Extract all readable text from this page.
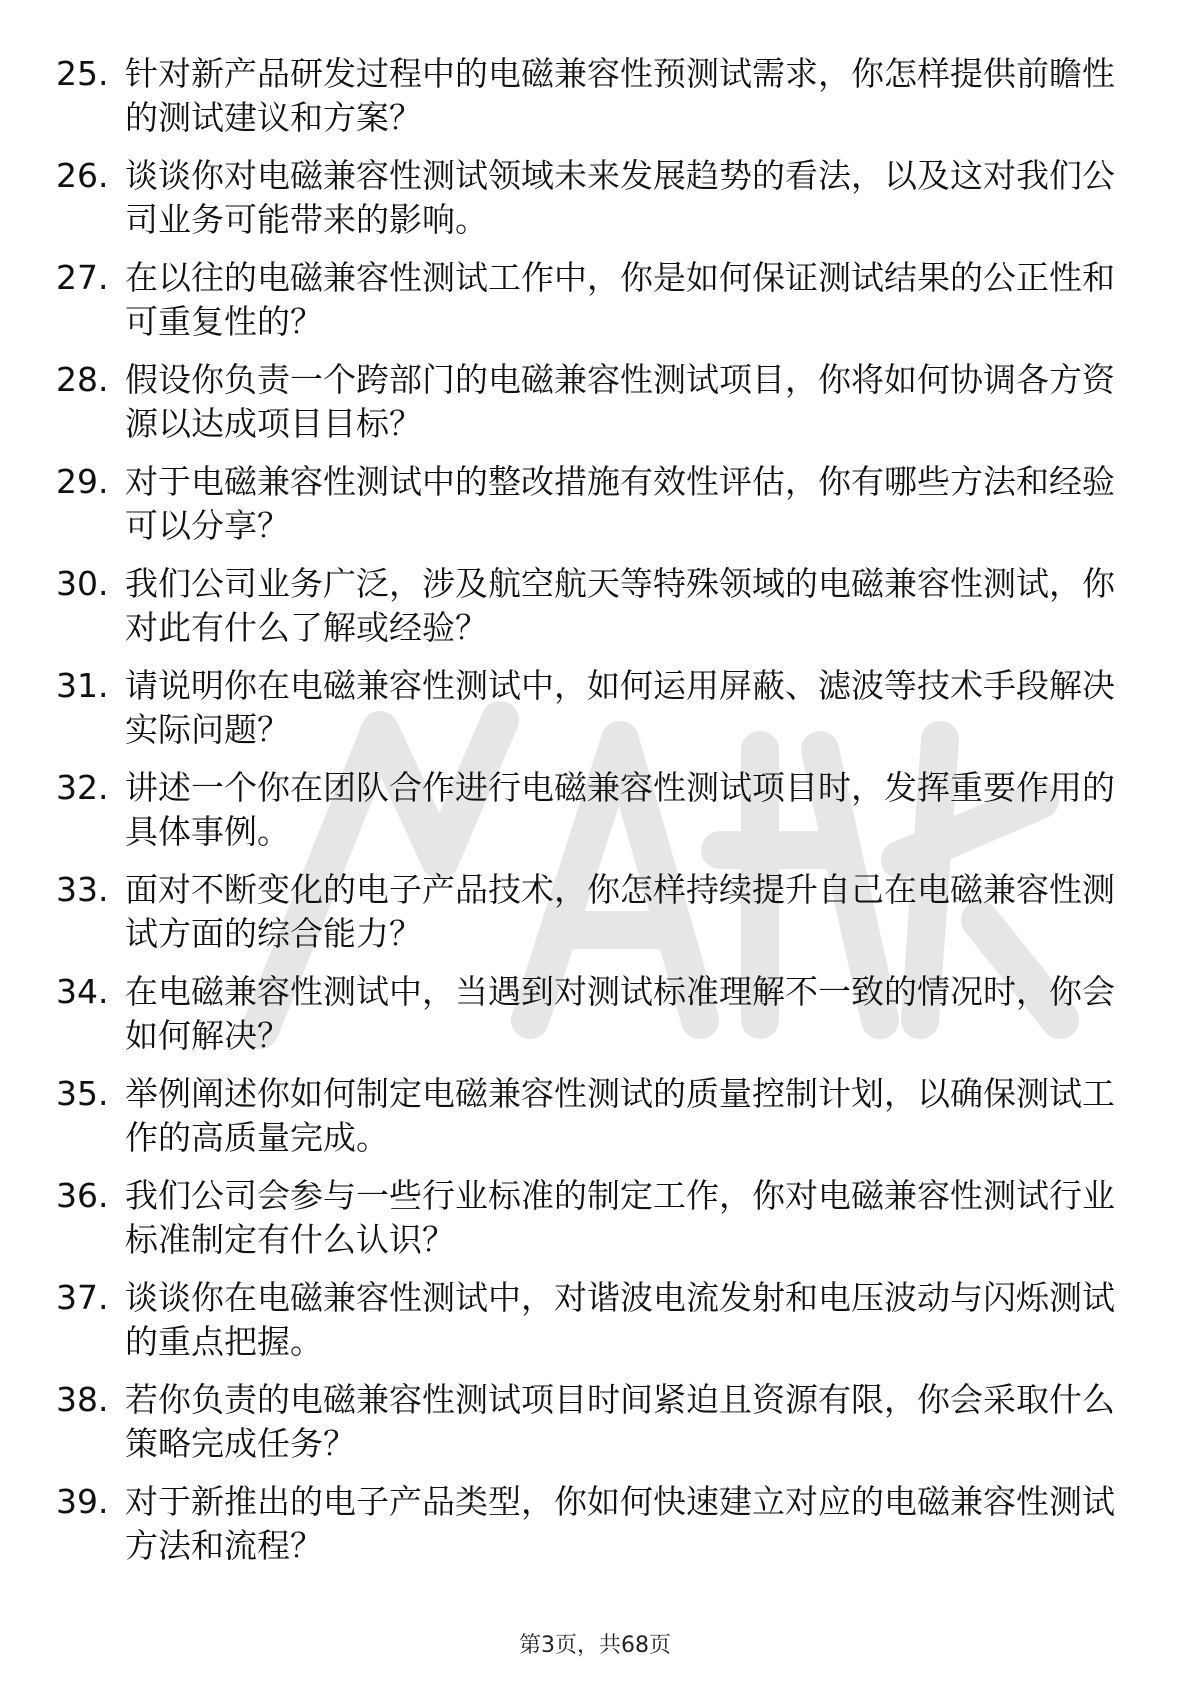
25. 针对新产品研发过程中的电磁兼容性预测试需求，你怎样提供前瞻性的测试建议和方案？
26. 谈谈你对电磁兼容性测试领域未来发展趋势的看法，以及这对我们公司业务可能带来的影响。
27. 在以往的电磁兼容性测试工作中，你是如何保证测试结果的公正性和可重复性的？
28. 假设你负责一个跨部门的电磁兼容性测试项目，你将如何协调各方资源以达成项目目标？
29. 对于电磁兼容性测试中的整改措施有效性评估，你有哪些方法和经验可以分享？
30. 我们公司业务广泛，涉及航空航天等特殊领域的电磁兼容性测试，你对此有什么了解或经验？
31. 请说明你在电磁兼容性测试中，如何运用屏蔽、滤波等技术手段解决实际问题？
32. 讲述一个你在团队合作进行电磁兼容性测试项目时，发挥重要作用的具体事例。
33. 面对不断变化的电子产品技术，你怎样持续提升自己在电磁兼容性测试方面的综合能力？
34. 在电磁兼容性测试中，当遇到对测试标准理解不一致的情况时，你会如何解决？
35. 举例阐述你如何制定电磁兼容性测试的质量控制计划，以确保测试工作的高质量完成。
36. 我们公司会参与一些行业标准的制定工作，你对电磁兼容性测试行业标准制定有什么认识？
37. 谈谈你在电磁兼容性测试中，对谐波电流发射和电压波动与闪烁测试的重点把握。
38. 若你负责的电磁兼容性测试项目时间紧迫且资源有限，你会采取什么策略完成任务？
39. 对于新推出的电子产品类型，你如何快速建立对应的电磁兼容性测试方法和流程？
第3页，共68页
